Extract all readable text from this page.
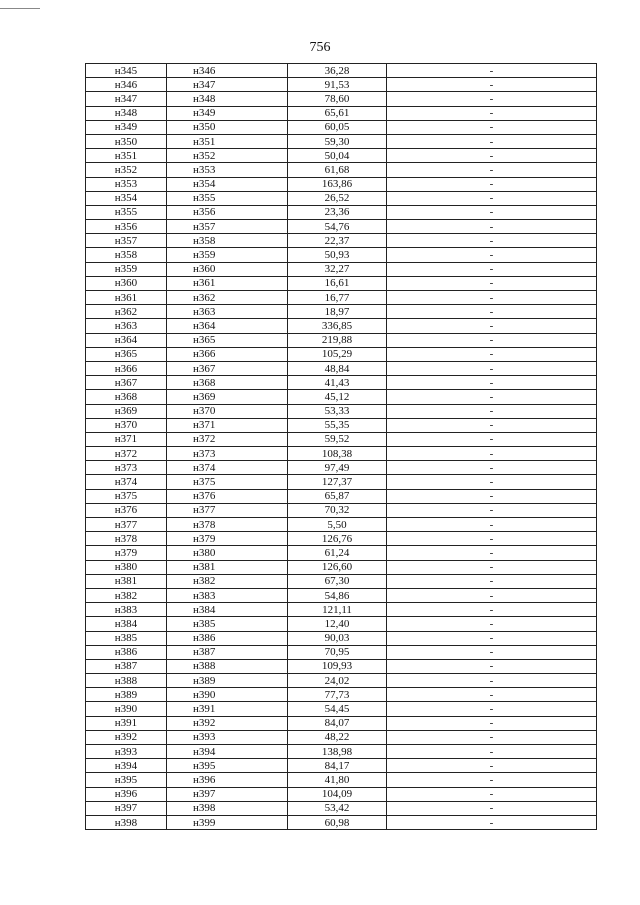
756
н345	н346	36,28	-
н346	н347	91,53	-
н347	н348	78,60	-
н348	н349	65,61	-
н349	н350	60,05	-
н350	н351	59,30	-
н351	н352	50,04	-
н352	н353	61,68	-
н353	н354	163,86	-
н354	н355	26,52	-
н355	н356	23,36	-
н356	н357	54,76	-
н357	н358	22,37	-
н358	н359	50,93	-
н359	н360	32,27	-
н360	н361	16,61	-
н361	н362	16,77	-
н362	н363	18,97	-
н363	н364	336,85	-
н364	н365	219,88	-
н365	н366	105,29	-
н366	н367	48,84	-
н367	н368	41,43	-
н368	н369	45,12	-
н369	н370	53,33	-
н370	н371	55,35	-
н371	н372	59,52	-
н372	н373	108,38	-
н373	н374	97,49	-
н374	н375	127,37	-
н375	н376	65,87	-
н376	н377	70,32	-
н377	н378	5,50	-
н378	н379	126,76	-
н379	н380	61,24	-
н380	н381	126,60	-
н381	н382	67,30	-
н382	н383	54,86	-
н383	н384	121,11	-
н384	н385	12,40	-
н385	н386	90,03	-
н386	н387	70,95	-
н387	н388	109,93	-
н388	н389	24,02	-
н389	н390	77,73	-
н390	н391	54,45	-
н391	н392	84,07	-
н392	н393	48,22	-
н393	н394	138,98	-
н394	н395	84,17	-
н395	н396	41,80	-
н396	н397	104,09	-
н397	н398	53,42	-
н398	н399	60,98	-
